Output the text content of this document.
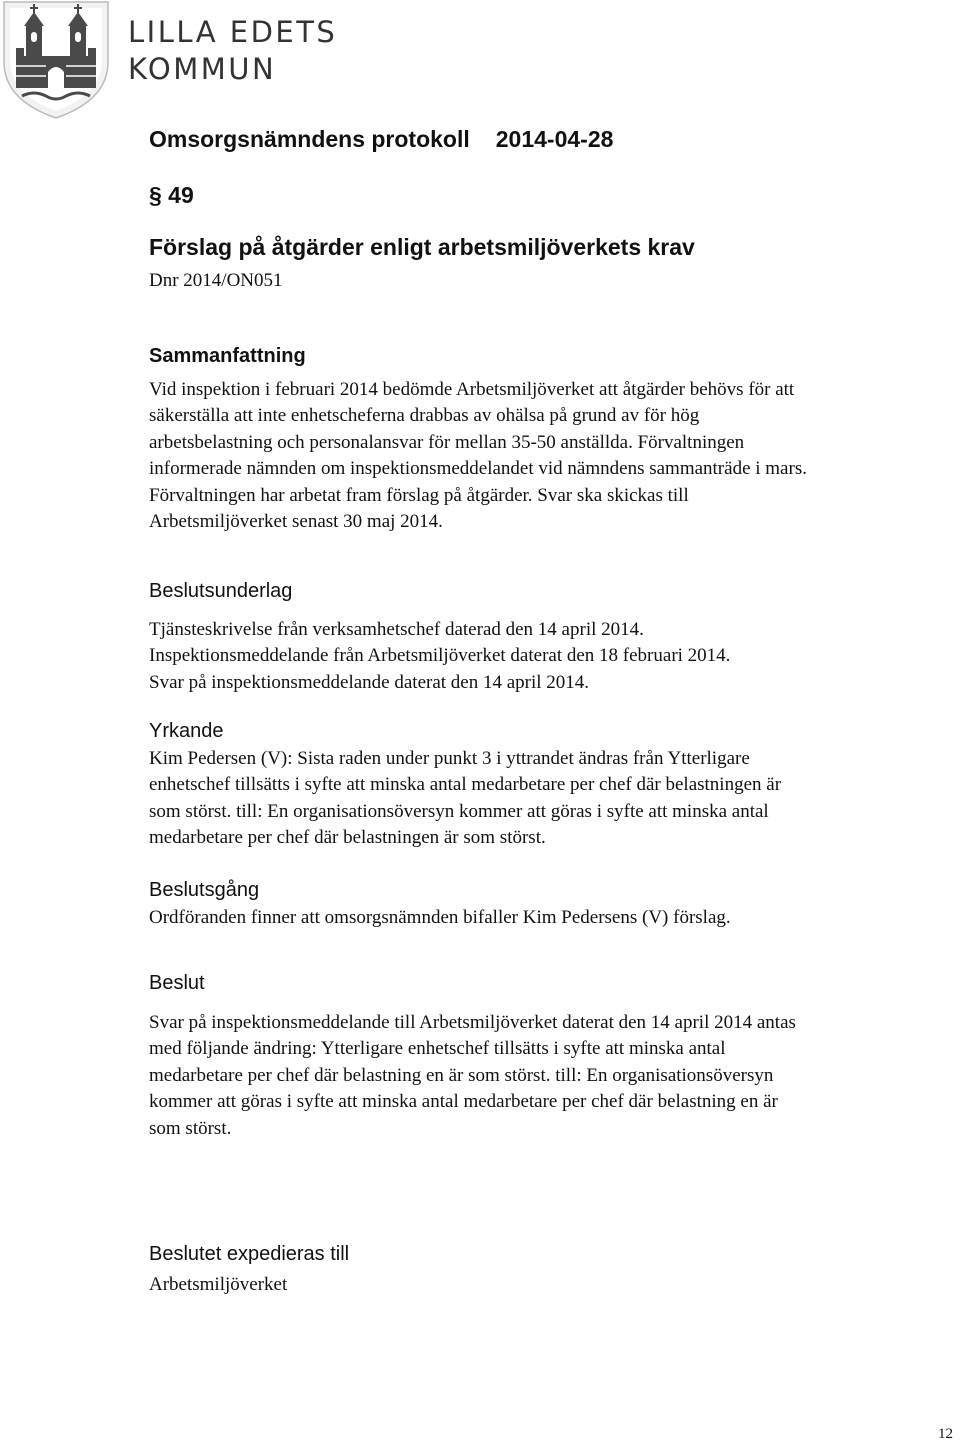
LILLA EDETS
KOMMUN
Omsorgsnämndens protokoll 2014-04-28
§ 49
Förslag på åtgärder enligt arbetsmiljöverkets krav
Dnr 2014/ON051
Sammanfattning
Vid inspektion i februari 2014 bedömde Arbetsmiljöverket att åtgärder behövs för att
säkerställa att inte enhetscheferna drabbas av ohälsa på grund av för hög
arbetsbelastning och personalansvar för mellan 35-50 anställda. Förvaltningen
informerade nämnden om inspektionsmeddelandet vid nämndens sammanträde i mars.
Förvaltningen har arbetat fram förslag på åtgärder. Svar ska skickas till
Arbetsmiljöverket senast 30 maj 2014.
Beslutsunderlag
Tjänsteskrivelse från verksamhetschef daterad den 14 april 2014.
Inspektionsmeddelande från Arbetsmiljöverket daterat den 18 februari 2014.
Svar på inspektionsmeddelande daterat den 14 april 2014.
Yrkande
Kim Pedersen (V): Sista raden under punkt 3 i yttrandet ändras från Ytterligare
enhetschef tillsätts i syfte att minska antal medarbetare per chef där belastningen är
som störst. till: En organisationsöversyn kommer att göras i syfte att minska antal
medarbetare per chef där belastningen är som störst.
Beslutsgång
Ordföranden finner att omsorgsnämnden bifaller Kim Pedersens (V) förslag.
Beslut
Svar på inspektionsmeddelande till Arbetsmiljöverket daterat den 14 april 2014 antas
med följande ändring: Ytterligare enhetschef tillsätts i syfte att minska antal
medarbetare per chef där belastning en är som störst. till: En organisationsöversyn
kommer att göras i syfte att minska antal medarbetare per chef där belastning en är
som störst.
Beslutet expedieras till
Arbetsmiljöverket
12
